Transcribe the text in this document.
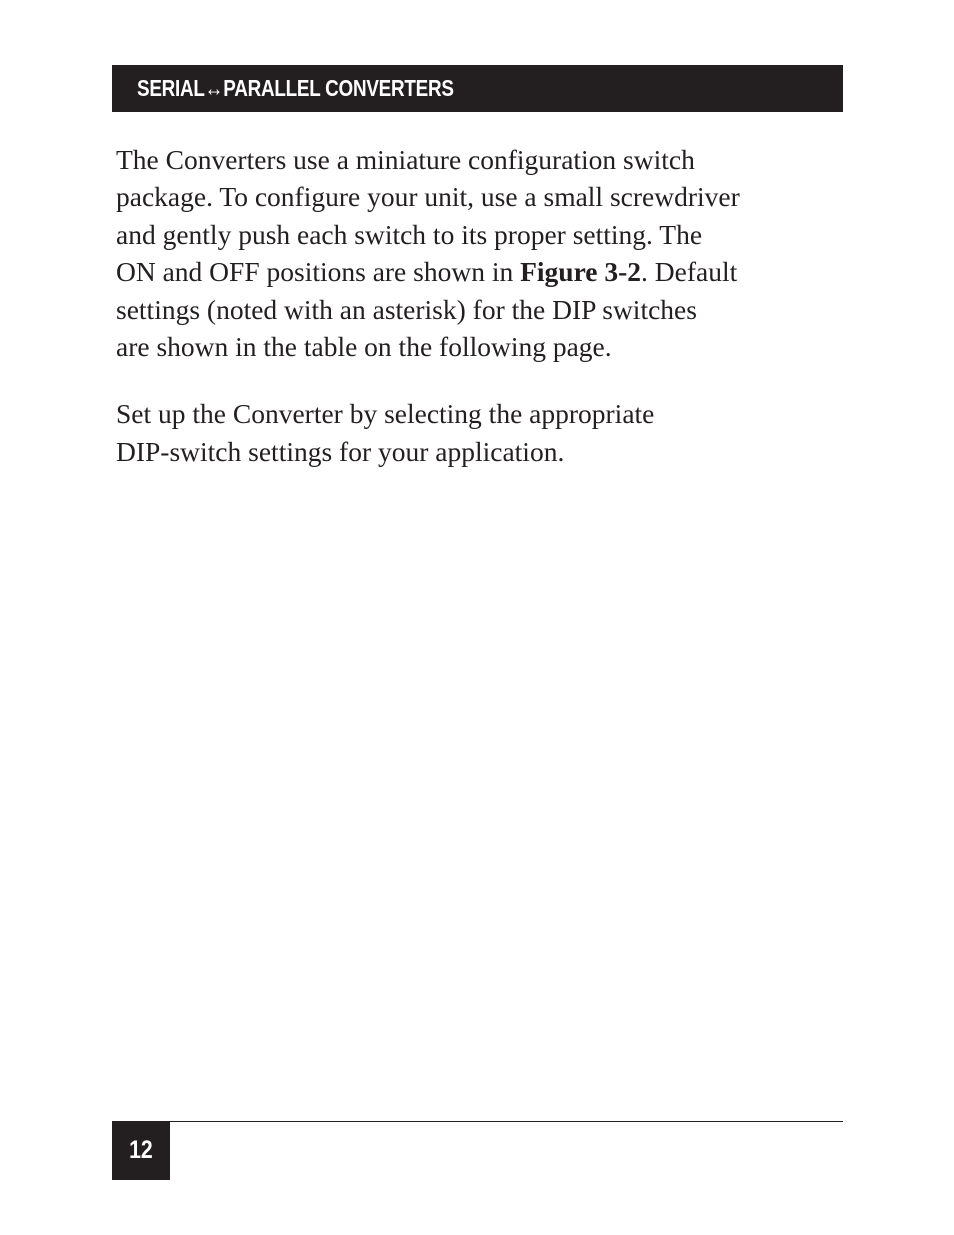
SERIAL↔PARALLEL CONVERTERS

The Converters use a miniature configuration switch
package. To configure your unit, use a small screwdriver
and gently push each switch to its proper setting. The
ON and OFF positions are shown in Figure 3-2. Default
settings (noted with an asterisk) for the DIP switches
are shown in the table on the following page.

Set up the Converter by selecting the appropriate
DIP-switch settings for your application.

12
